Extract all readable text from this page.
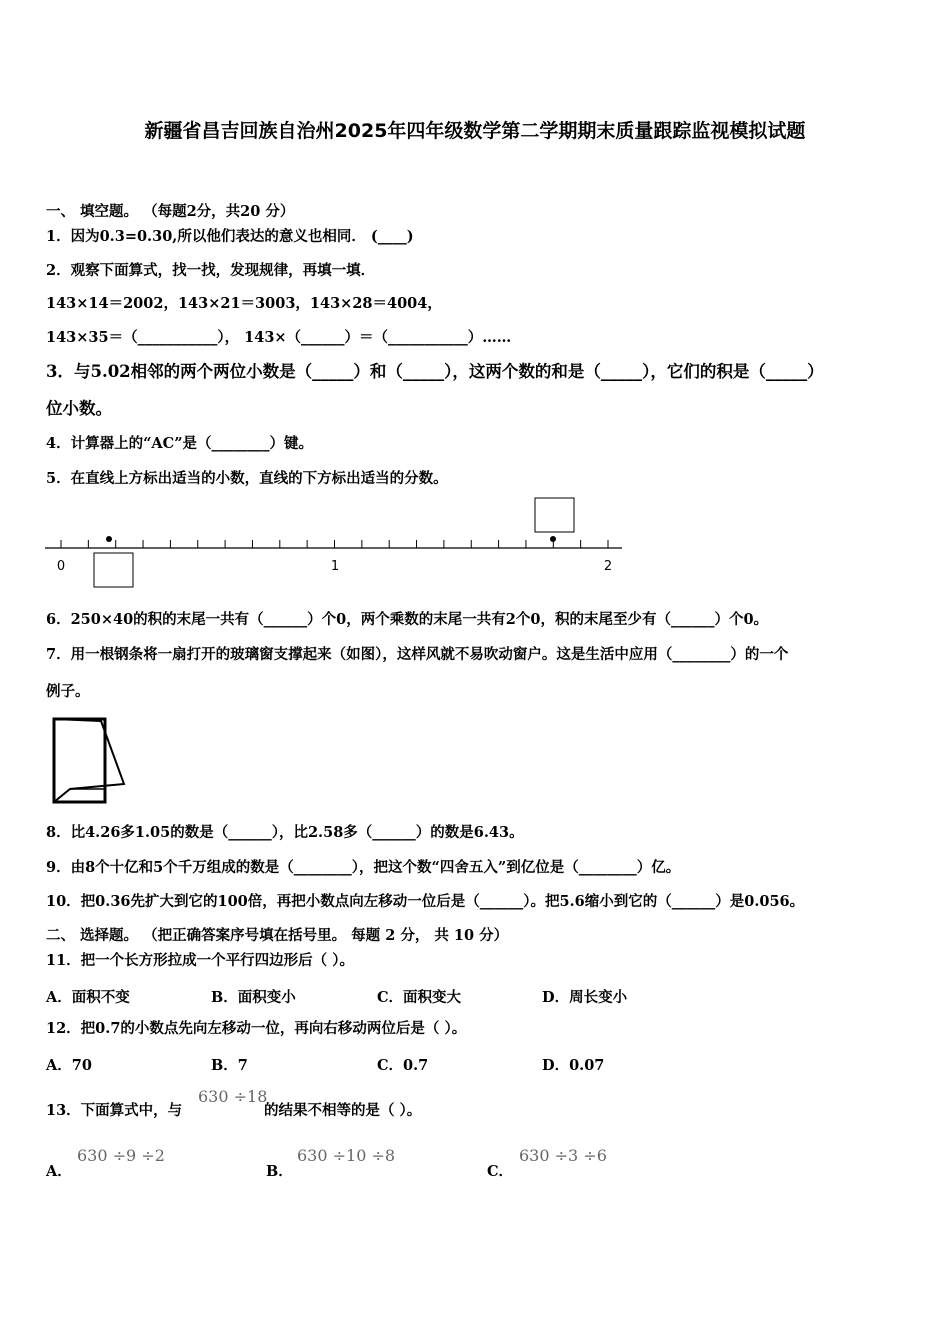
新疆省昌吉回族自治州2025年四年级数学第二学期期末质量跟踪监视模拟试题
一、 填空题。 （每题2分，共20 分）
1．因为0.3=0.30,所以他们表达的意义也相同． (____)
2．观察下面算式，找一找，发现规律，再填一填．
143×14＝2002，143×21＝3003，143×28＝4004，
143×35＝（___________）， 143×（______）＝（___________）……
3．与5.02相邻的两个两位小数是（_____）和（_____），这两个数的和是（_____），它们的积是（_____）
位小数。
4．计算器上的“AC”是（________）键。
5．在直线上方标出适当的小数，直线的下方标出适当的分数。
0	1	2
6．250×40的积的末尾一共有（______）个0，两个乘数的末尾一共有2个0，积的末尾至少有（______）个0。
7．用一根钢条将一扇打开的玻璃窗支撑起来（如图），这样风就不易吹动窗户。这是生活中应用（________）的一个
例子。
8．比4.26多1.05的数是（______），比2.58多（______）的数是6.43。
9．由8个十亿和5个千万组成的数是（________），把这个数“四舍五入”到亿位是（________）亿。
10．把0.36先扩大到它的100倍，再把小数点向左移动一位后是（______）。把5.6缩小到它的（______）是0.056。
二、 选择题。 （把正确答案序号填在括号里。 每题 2 分， 共 10 分）
11．把一个长方形拉成一个平行四边形后（ ）。
A．面积不变	B．面积变小	C．面积变大	D．周长变小
12．把0.7的小数点先向左移动一位，再向右移动两位后是（ ）。
A．70	B．7	C．0.7	D．0.07
13．下面算式中，与
630 ÷18
的结果不相等的是（ ）。
A．
630 ÷9 ÷2
B．
630 ÷10 ÷8
C．
630 ÷3 ÷6
